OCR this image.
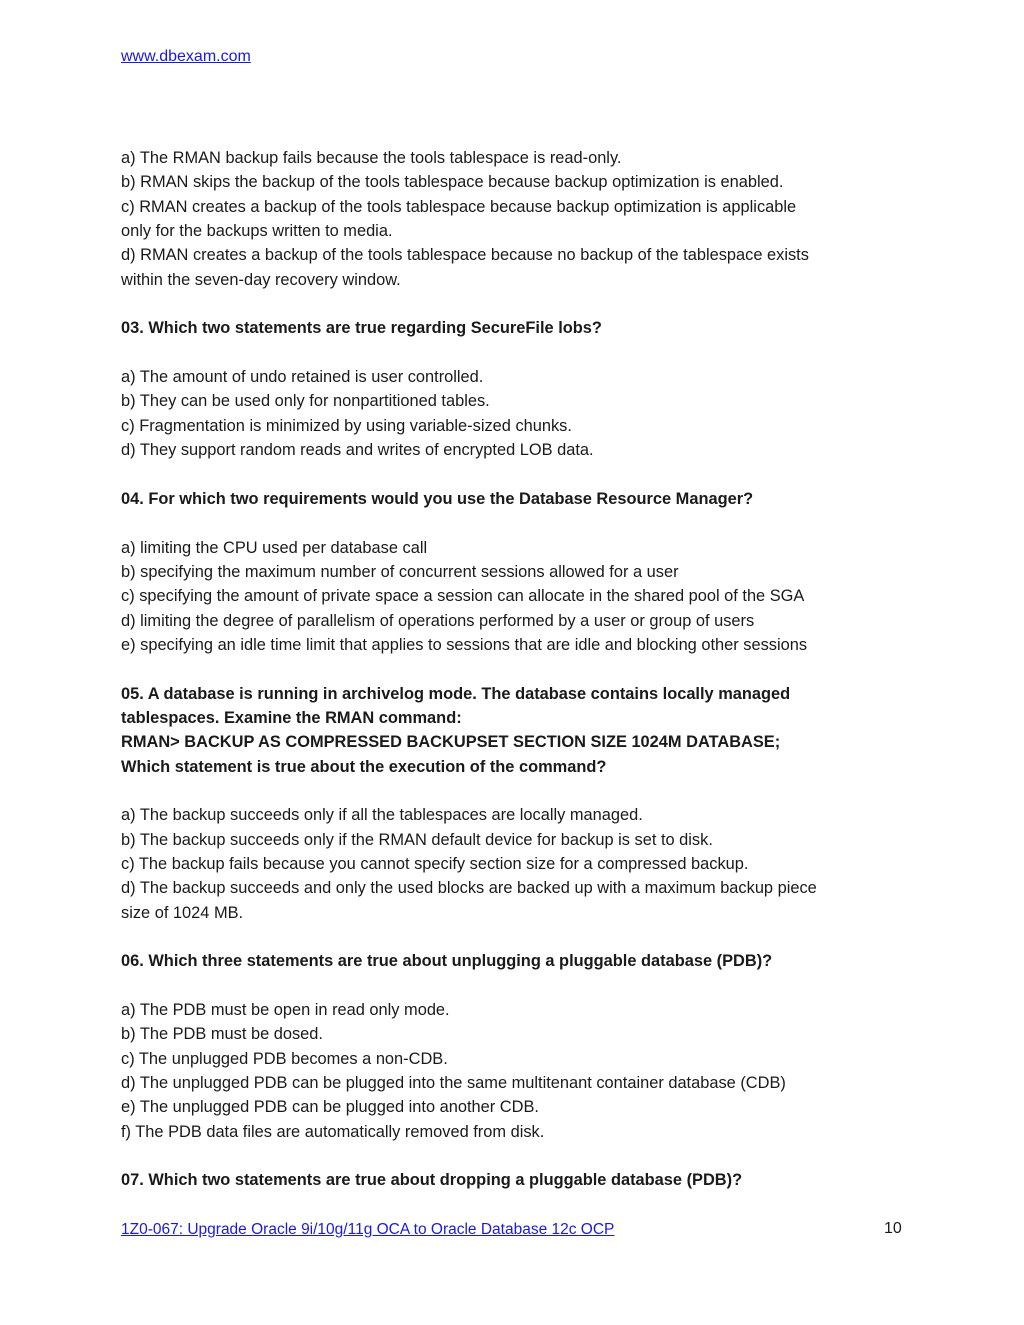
www.dbexam.com
a) The RMAN backup fails because the tools tablespace is read-only.
b) RMAN skips the backup of the tools tablespace because backup optimization is enabled.
c) RMAN creates a backup of the tools tablespace because backup optimization is applicable
only for the backups written to media.
d) RMAN creates a backup of the tools tablespace because no backup of the tablespace exists
within the seven-day recovery window.
03. Which two statements are true regarding SecureFile lobs?
a) The amount of undo retained is user controlled.
b) They can be used only for nonpartitioned tables.
c) Fragmentation is minimized by using variable-sized chunks.
d) They support random reads and writes of encrypted LOB data.
04. For which two requirements would you use the Database Resource Manager?
a) limiting the CPU used per database call
b) specifying the maximum number of concurrent sessions allowed for a user
c) specifying the amount of private space a session can allocate in the shared pool of the SGA
d) limiting the degree of parallelism of operations performed by a user or group of users
e) specifying an idle time limit that applies to sessions that are idle and blocking other sessions
05. A database is running in archivelog mode. The database contains locally managed
tablespaces. Examine the RMAN command:
RMAN> BACKUP AS COMPRESSED BACKUPSET SECTION SIZE 1024M DATABASE;
Which statement is true about the execution of the command?
a) The backup succeeds only if all the tablespaces are locally managed.
b) The backup succeeds only if the RMAN default device for backup is set to disk.
c) The backup fails because you cannot specify section size for a compressed backup.
d) The backup succeeds and only the used blocks are backed up with a maximum backup piece
size of 1024 MB.
06. Which three statements are true about unplugging a pluggable database (PDB)?
a) The PDB must be open in read only mode.
b) The PDB must be dosed.
c) The unplugged PDB becomes a non-CDB.
d) The unplugged PDB can be plugged into the same multitenant container database (CDB)
e) The unplugged PDB can be plugged into another CDB.
f) The PDB data files are automatically removed from disk.
07. Which two statements are true about dropping a pluggable database (PDB)?
1Z0-067: Upgrade Oracle 9i/10g/11g OCA to Oracle Database 12c OCP	10
